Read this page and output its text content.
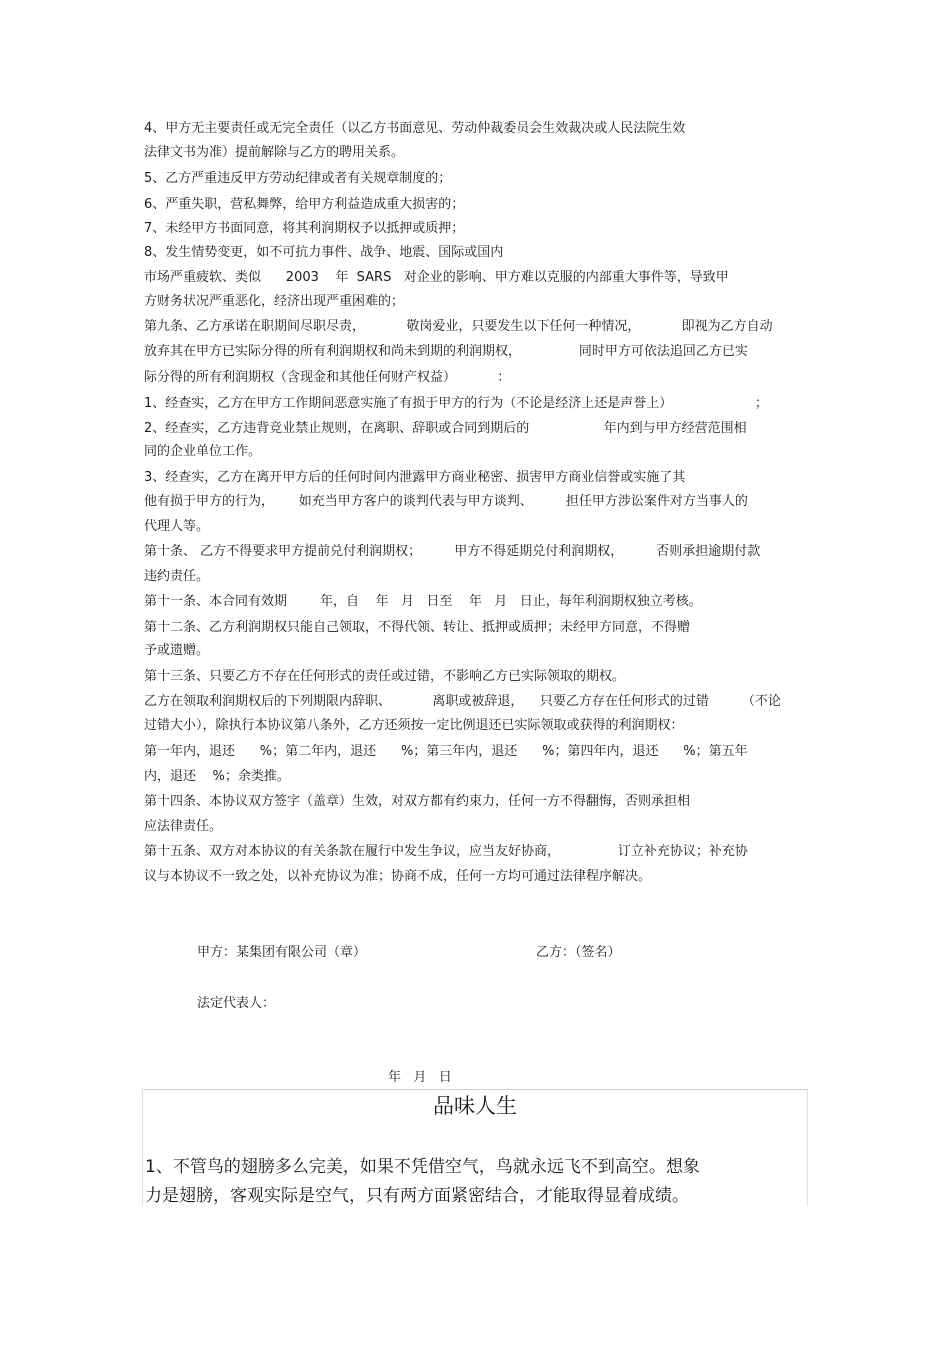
4、甲方无主要责任或无完全责任（以乙方书面意见、劳动仲裁委员会生效裁决或人民法院生效

法律文书为准）提前解除与乙方的聘用关系。

5、乙方严重违反甲方劳动纪律或者有关规章制度的；

6、严重失职，营私舞弊，给甲方利益造成重大损害的；

7、未经甲方书面同意，将其利润期权予以抵押或质押；

8、发生情势变更，如不可抗力事件、战争、地震、国际或国内

市场严重疲软、类似      2003    年  SARS   对企业的影响、甲方难以克服的内部重大事件等，导致甲

方财务状况严重恶化，经济出现严重困难的；

第九条、乙方承诺在职期间尽职尽责，          敬岗爱业，只要发生以下任何一种情况，          即视为乙方自动

放弃其在甲方已实际分得的所有利润期权和尚未到期的利润期权，              同时甲方可依法追回乙方已实

际分得的所有利润期权（含现金和其他任何财产权益）          ：

1、经查实，乙方在甲方工作期间恶意实施了有损于甲方的行为（不论是经济上还是声誉上）                    ；

2、经查实，乙方违背竞业禁止规则，在离职、辞职或合同到期后的                  年内到与甲方经营范围相

同的企业单位工作。

3、经查实，乙方在离开甲方后的任何时间内泄露甲方商业秘密、损害甲方商业信誉或实施了其

他有损于甲方的行为，      如充当甲方客户的谈判代表与甲方谈判、        担任甲方涉讼案件对方当事人的

代理人等。

第十条、 乙方不得要求甲方提前兑付利润期权；        甲方不得延期兑付利润期权，        否则承担逾期付款

违约责任。

第十一条、本合同有效期        年，自    年   月   日至    年   月   日止，每年利润期权独立考核。

第十二条、乙方利润期权只能自己领取，不得代领、转让、抵押或质押；未经甲方同意，不得赠

予或遗赠。

第十三条、只要乙方不存在任何形式的责任或过错，不影响乙方已实际领取的期权。

乙方在领取利润期权后的下列期限内辞职、          离职或被辞退，    只要乙方存在任何形式的过错        （不论

过错大小），除执行本协议第八条外，乙方还须按一定比例退还已实际领取或获得的利润期权：

第一年内，退还      %；第二年内，退还      %；第三年内，退还      %；第四年内，退还      %；第五年

内，退还    %；余类推。

第十四条、本协议双方签字（盖章）生效，对双方都有约束力，任何一方不得翻悔，否则承担相

应法律责任。

第十五条、双方对本协议的有关条款在履行中发生争议，应当友好协商，              订立补充协议；补充协

议与本协议不一致之处，以补充协议为准；协商不成，任何一方均可通过法律程序解决。

甲方：某集团有限公司（章）	乙方：（签名）
法定代表人：
年   月   日
品味人生
1、不管鸟的翅膀多么完美，如果不凭借空气，鸟就永远飞不到高空。想象
力是翅膀，客观实际是空气，只有两方面紧密结合，才能取得显着成绩。
